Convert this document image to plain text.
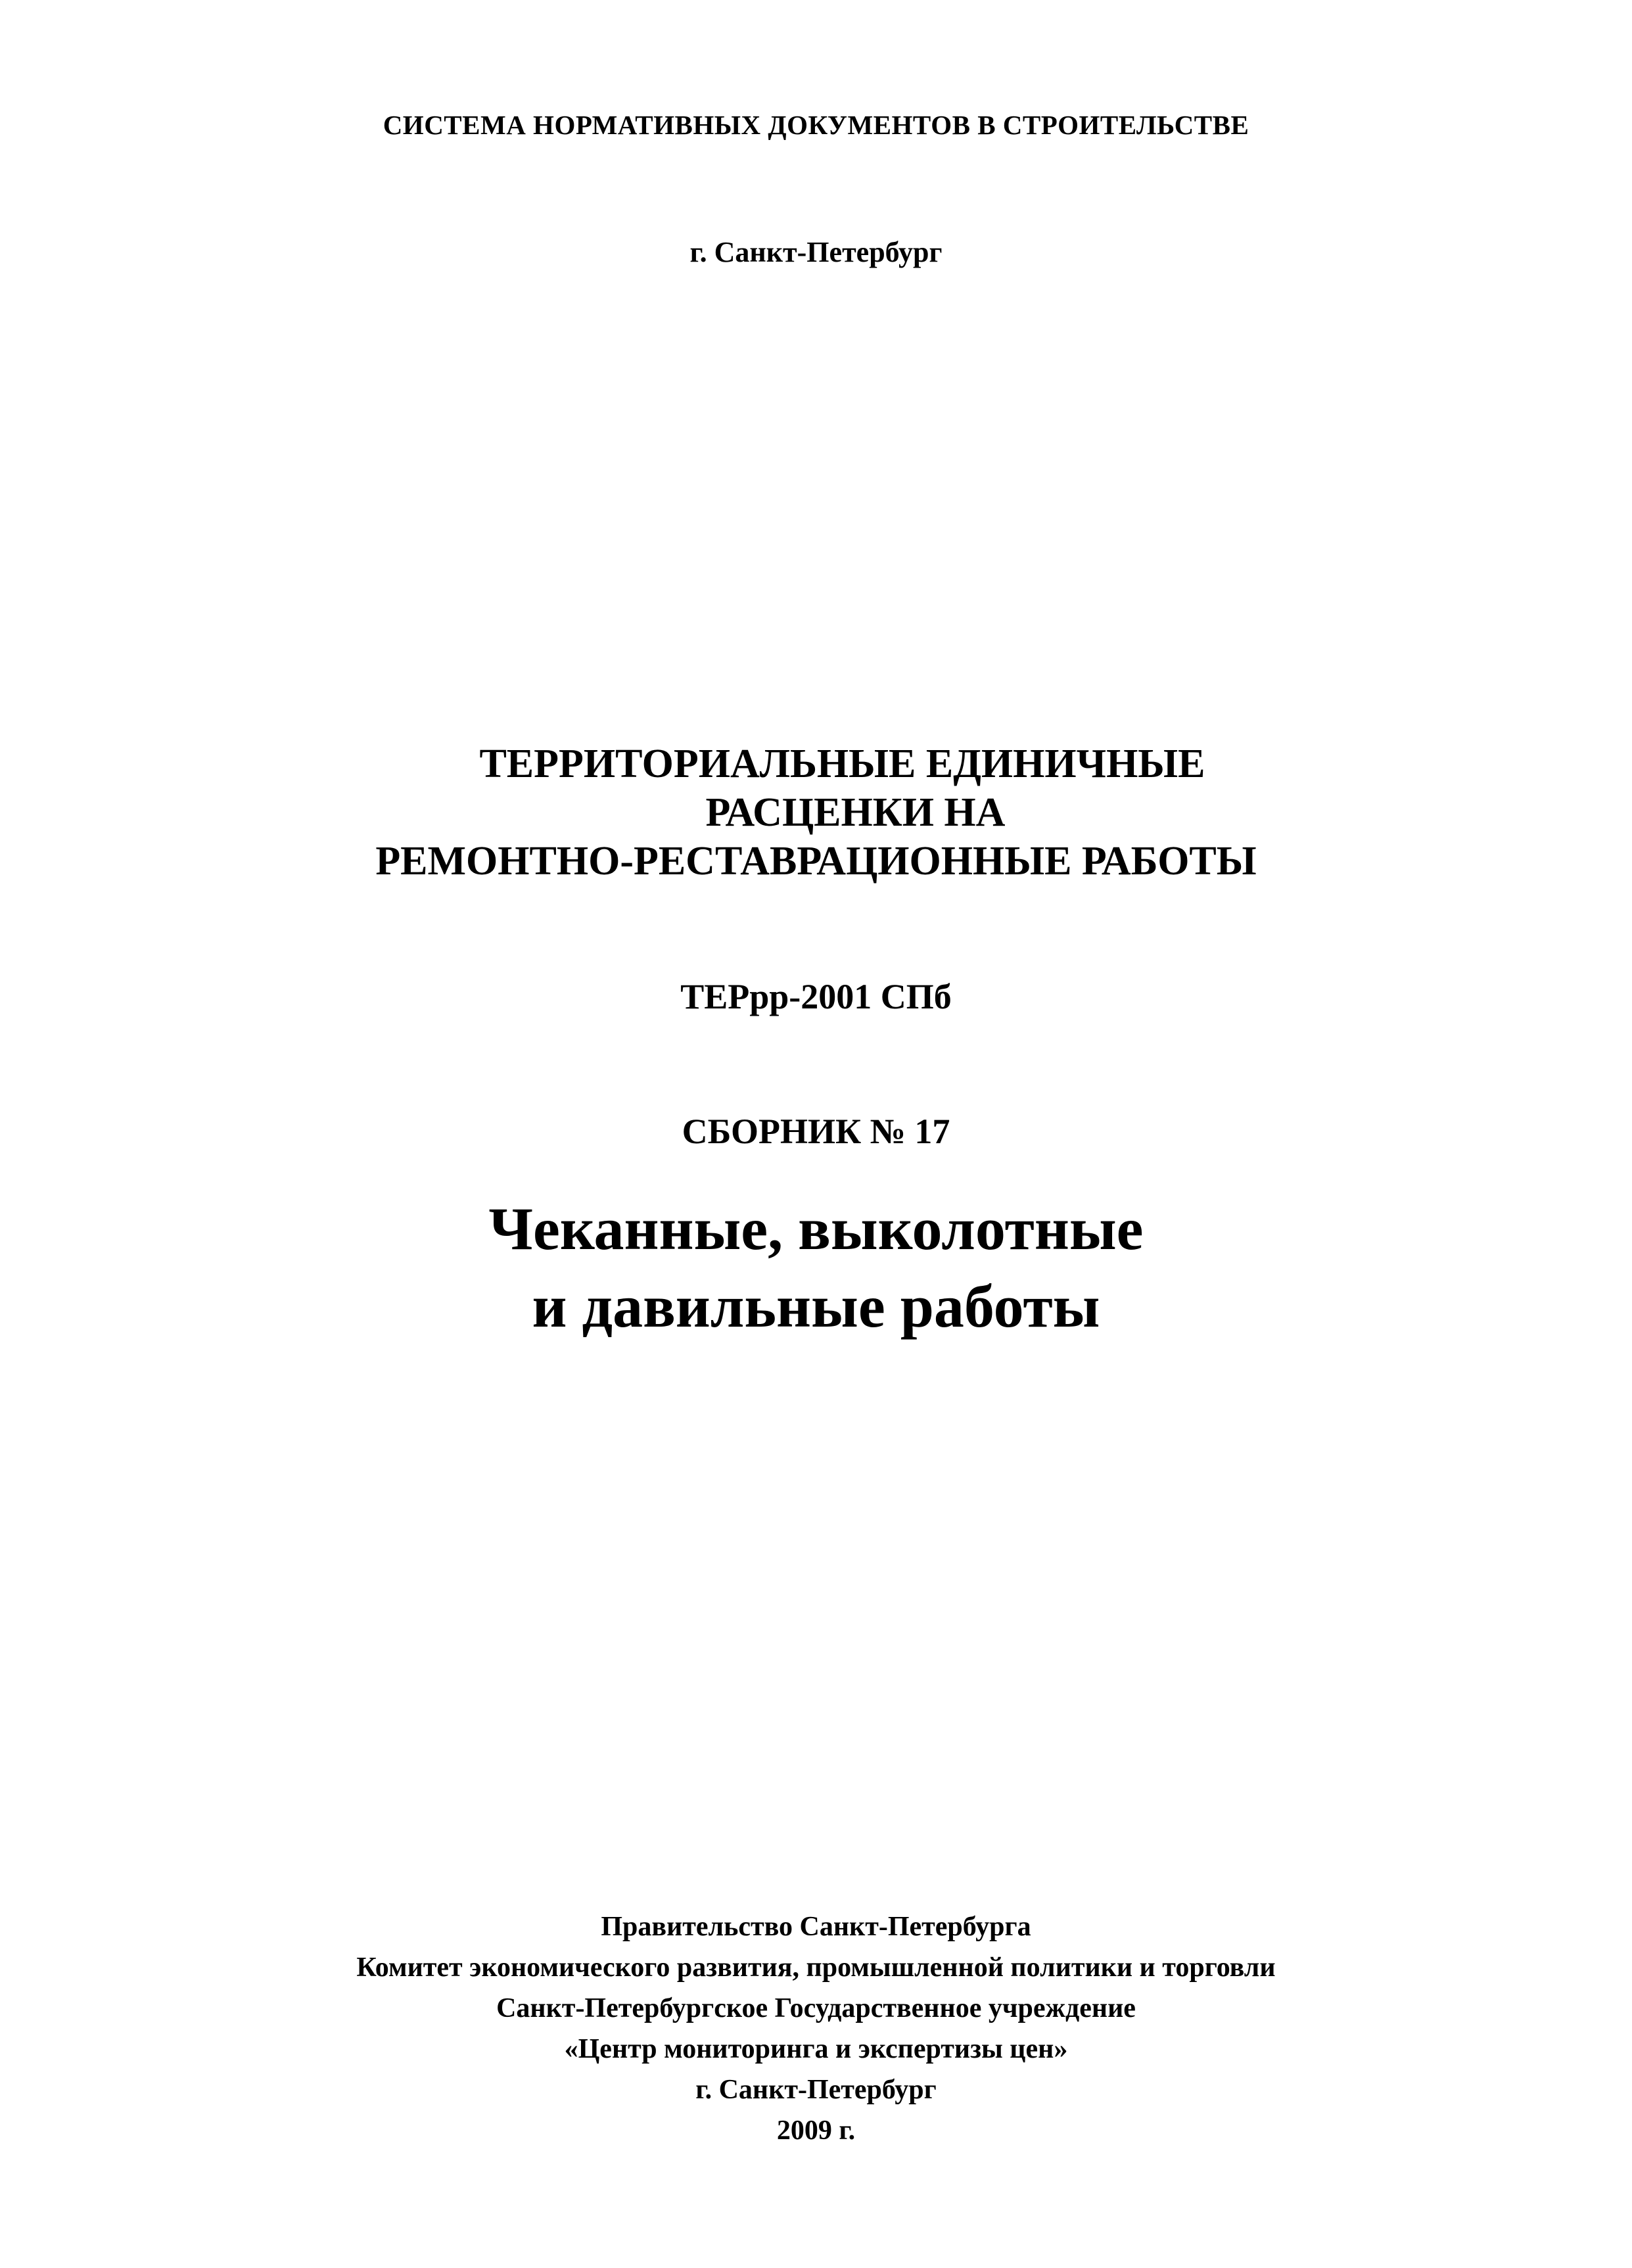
СИСТЕМА НОРМАТИВНЫХ ДОКУМЕНТОВ В СТРОИТЕЛЬСТВЕ

г. Санкт-Петербург

ТЕРРИТОРИАЛЬНЫЕ ЕДИНИЧНЫЕ
РАСЦЕНКИ НА
РЕМОНТНО-РЕСТАВРАЦИОННЫЕ РАБОТЫ

ТЕРрр-2001 СПб

СБОРНИК № 17

Чеканные, выколотные
и давильные работы
Правительство Санкт-Петербурга
Комитет экономического развития, промышленной политики и торговли
Санкт-Петербургское Государственное учреждение
«Центр мониторинга и экспертизы цен»
г. Санкт-Петербург
2009 г.
